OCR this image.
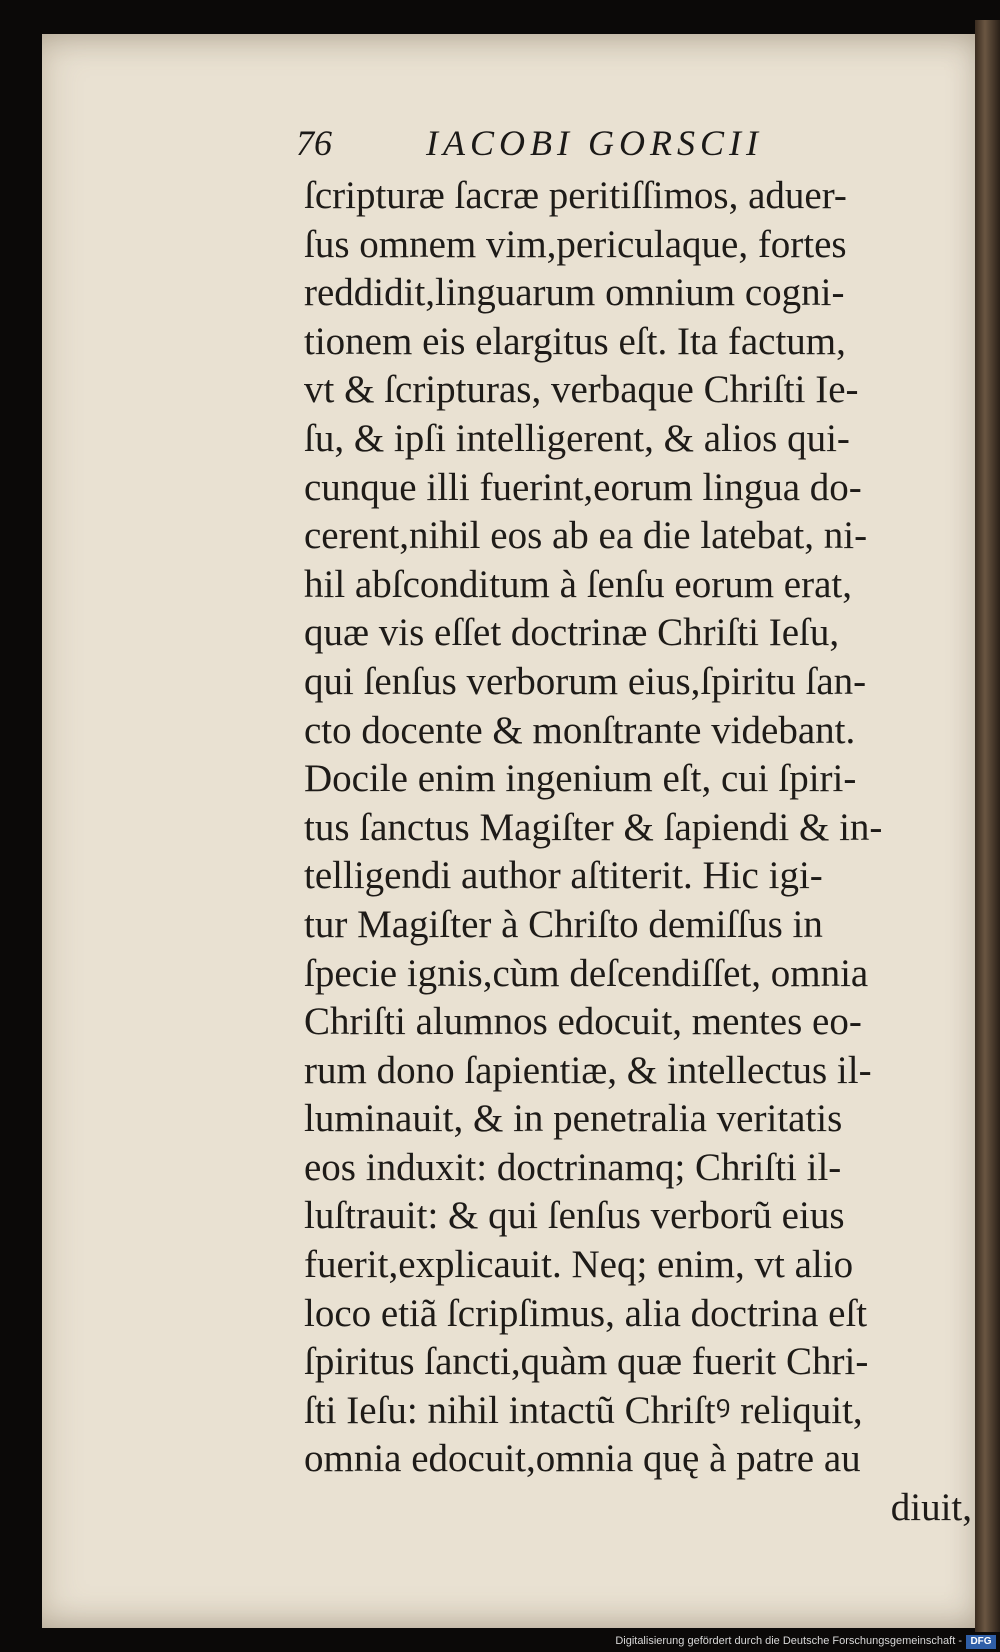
76	IACOBI GORSCII
ſcripturæ ſacræ peritiſſimos, aduer-
ſus omnem vim,periculaque, fortes
reddidit,linguarum omnium cogni-
tionem eis elargitus eſt. Ita factum,
vt & ſcripturas, verbaque Chriſti Ie-
ſu, & ipſi intelligerent, & alios qui-
cunque illi fuerint,eorum lingua do-
cerent,nihil eos ab ea die latebat, ni-
hil abſconditum à ſenſu eorum erat,
quæ vis eſſet doctrinæ Chriſti Ieſu,
qui ſenſus verborum eius,ſpiritu ſan-
cto docente & monſtrante videbant.
Docile enim ingenium eſt, cui ſpiri-
tus ſanctus Magiſter & ſapiendi & in-
telligendi author aſtiterit. Hic igi-
tur Magiſter à Chriſto demiſſus in
ſpecie ignis,cùm deſcendiſſet, omnia
Chriſti alumnos edocuit, mentes eo-
rum dono ſapientiæ, & intellectus il-
luminauit, & in penetralia veritatis
eos induxit: doctrinamq; Chriſti il-
luſtrauit: & qui ſenſus verborũ eius
fuerit,explicauit. Neq; enim, vt alio
loco etiã ſcripſimus, alia doctrina eſt
ſpiritus ſancti,quàm quæ fuerit Chri-
ſti Ieſu: nihil intactũ Chriſtꝰ reliquit,
omnia edocuit,omnia quę à patre au
diuit,
Digitalisierung gefördert durch die Deutsche Forschungsgemeinschaft - DFG
